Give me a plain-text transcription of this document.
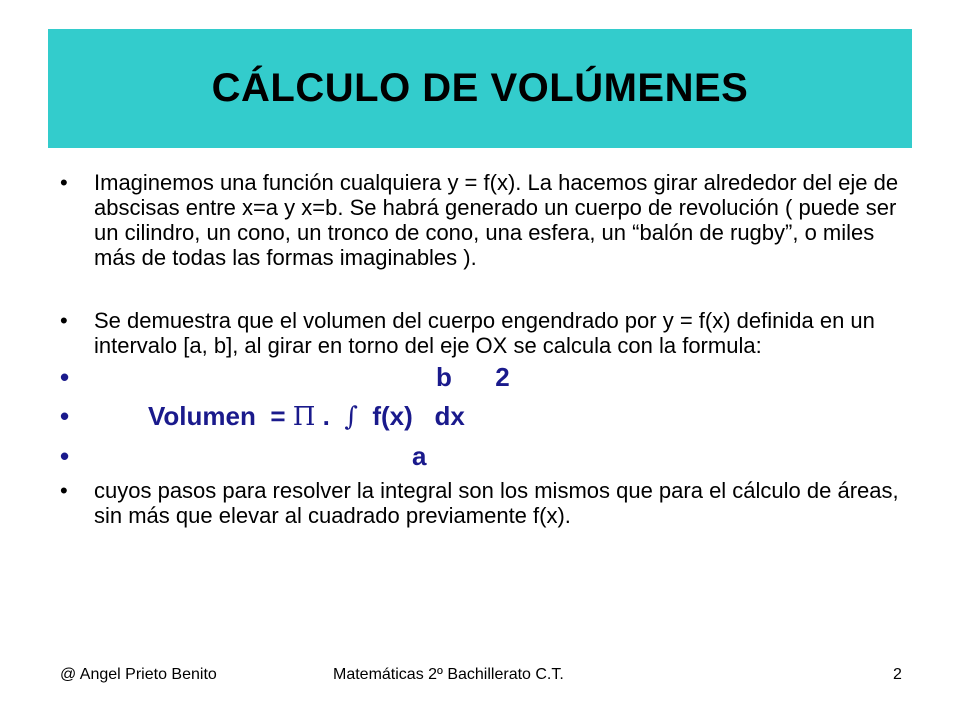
CÁLCULO DE VOLÚMENES
•	Imaginemos una función cualquiera y = f(x). La hacemos girar alrededor del eje de abscisas entre x=a y x=b. Se habrá generado un cuerpo de revolución ( puede ser un cilindro, un cono, un tronco de cono, una esfera, un “balón de rugby”, o miles más de todas las formas imaginables ).
•	Se demuestra que el volumen del cuerpo engendrado por y = f(x) definida en un intervalo [a, b], al girar en torno del eje OX se calcula con la formula:
•	b 2
•	Volumen = Π . ∫ f(x) dx
•	a
•	cuyos pasos para resolver la integral son los mismos que para el cálculo de áreas, sin más que elevar al cuadrado previamente f(x).
@ Angel Prieto Benito	Matemáticas 2º Bachillerato C.T.	2
